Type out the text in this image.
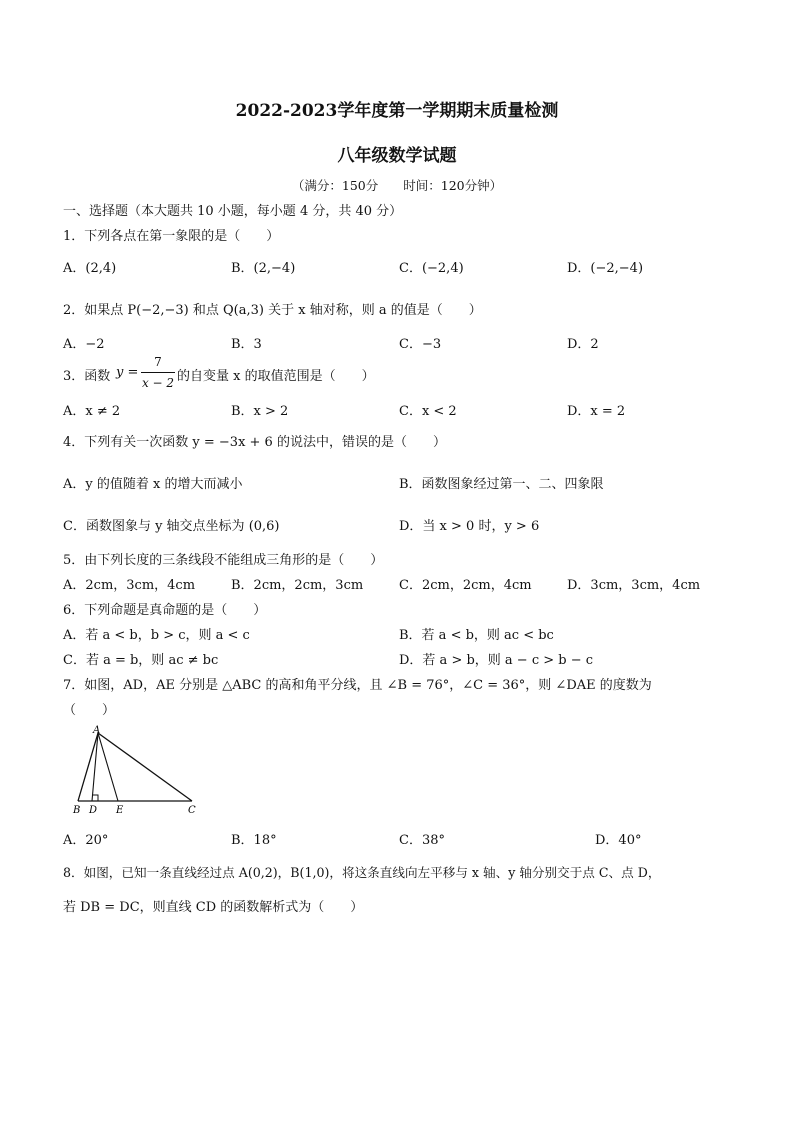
2022-2023学年度第一学期期末质量检测
八年级数学试题
（满分：150分　　时间：120分钟）
一、选择题（本大题共 10 小题，每小题 4 分，共 40 分）
1．下列各点在第一象限的是（　　）
A．(2,4)	B．(2,−4)	C．(−2,4)	D．(−2,−4)
2．如果点 P(−2,−3) 和点 Q(a,3) 关于 x 轴对称，则 a 的值是（　　）
A．−2	B．3	C．−3	D．2
3．函数 y =
7
x − 2 的自变量 x 的取值范围是（　　）
A．x ≠ 2	B．x > 2	C．x < 2	D．x = 2
4．下列有关一次函数 y = −3x + 6 的说法中，错误的是（　　）
A．y 的值随着 x 的增大而减小	B．函数图象经过第一、二、四象限
C．函数图象与 y 轴交点坐标为 (0,6)	D．当 x > 0 时，y > 6
5．由下列长度的三条线段不能组成三角形的是（　　）
A．2cm，3cm，4cm	B．2cm，2cm，3cm	C．2cm，2cm，4cm	D．3cm，3cm，4cm
6．下列命题是真命题的是（　　）
A．若 a < b，b > c，则 a < c	B．若 a < b，则 ac < bc
C．若 a = b，则 ac ≠ bc	D．若 a > b，则 a − c > b − c
7．如图，AD，AE 分别是 △ABC 的高和角平分线，且 ∠B = 76°，∠C = 36°，则 ∠DAE 的度数为
（　　）
A
B D E	C
A．20°	B．18°	C．38°	D．40°
8．如图，已知一条直线经过点 A(0,2)，B(1,0)，将这条直线向左平移与 x 轴、y 轴分别交于点 C、点 D，
若 DB = DC，则直线 CD 的函数解析式为（　　）
